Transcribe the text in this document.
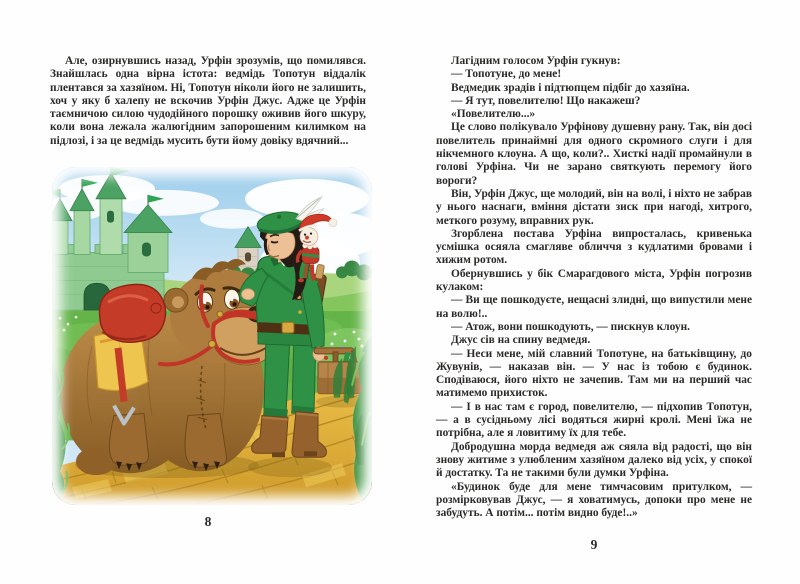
Але, озирнувшись назад, Урфін зрозумів, що помилявся. Знайшлась одна вірна істота: ведмідь Топотун віддалік плентався за хазяїном. Ні, Топотун ніколи його не залишить, хоч у яку б халепу не вскочив Урфін Джус. Адже це Урфін таємничою силою чудодійного порошку оживив його шкуру, коли вона лежала жалюгідним запорошеним килимком на підлозі, і за це ведмідь мусить бути йому довіку вдячний...

8

Лагідним голосом Урфін гукнув:

— Топотуне, до мене!

Ведмедик зрадів і підтюпцем підбіг до хазяїна.

— Я тут, повелителю! Що накажеш?

«Повелителю...»

Це слово полікувало Урфінову душевну рану. Так, він досі повелитель принаймні для одного скромного слуги і для нікчемного клоуна. А що, коли?.. Хисткі надії промайнули в голові Урфіна. Чи не зарано святкують перемогу його вороги?

Він, Урфін Джус, ще молодий, він на волі, і ніхто не забрав у нього наснаги, вміння дістати зиск при нагоді, хитрого, меткого розуму, вправних рук.

Згорблена постава Урфіна випросталась, кривенька усмішка осяяла смагляве обличчя з кудлатими бровами і хижим ротом.

Обернувшись у бік Смарагдового міста, Урфін погрозив кулаком:

— Ви ще пошкодуєте, нещасні злидні, що випустили мене на волю!..

— Атож, вони пошкодують, — пискнув клоун.

Джус сів на спину ведмедя.

— Неси мене, мій славний Топотуне, на батьківщину, до Жувунів, — наказав він. — У нас із тобою є будинок. Сподіваюся, його ніхто не зачепив. Там ми на перший час матимемо прихисток.

— І в нас там є город, повелителю, — підхопив Топотун, — а в сусідньому лісі водяться жирні кролі. Мені їжа не потрібна, але я ловитиму їх для тебе.

Добродушна морда ведмедя аж сяяла від радості, що він знову житиме з улюбленим хазяїном далеко від усіх, у спокої й достатку. Та не такими були думки Урфіна.

«Будинок буде для мене тимчасовим притулком, — розмірковував Джус, — я ховатимусь, допоки про мене не забудуть. А потім... потім видно буде!..»

9
